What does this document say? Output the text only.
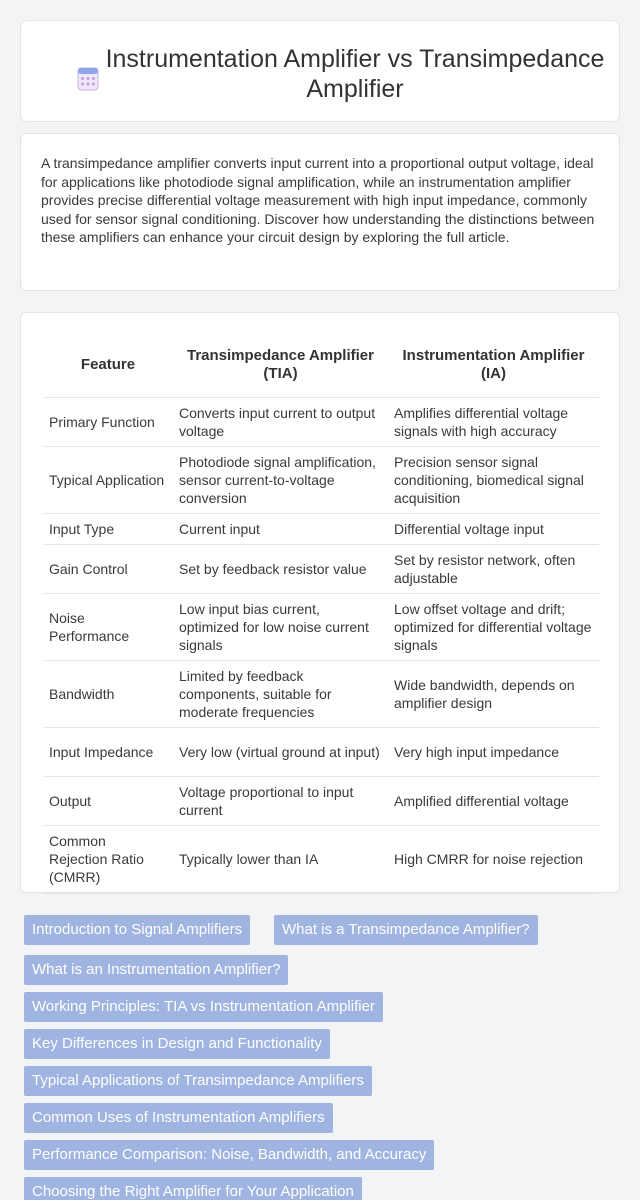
Instrumentation Amplifier vs Transimpedance Amplifier

A transimpedance amplifier converts input current into a proportional output voltage, ideal for applications like photodiode signal amplification, while an instrumentation amplifier provides precise differential voltage measurement with high input impedance, commonly used for sensor signal conditioning. Discover how understanding the distinctions between these amplifiers can enhance your circuit design by exploring the full article.

Feature	Transimpedance Amplifier (TIA)	Instrumentation Amplifier (IA)
Primary Function	Converts input current to output voltage	Amplifies differential voltage signals with high accuracy
Typical Application	Photodiode signal amplification, sensor current-to-voltage conversion	Precision sensor signal conditioning, biomedical signal acquisition
Input Type	Current input	Differential voltage input
Gain Control	Set by feedback resistor value	Set by resistor network, often adjustable
Noise Performance	Low input bias current, optimized for low noise current signals	Low offset voltage and drift; optimized for differential voltage signals
Bandwidth	Limited by feedback components, suitable for moderate frequencies	Wide bandwidth, depends on amplifier design
Input Impedance	Very low (virtual ground at input)	Very high input impedance
Output	Voltage proportional to input current	Amplified differential voltage
Common Rejection Ratio (CMRR)	Typically lower than IA	High CMRR for noise rejection
Introduction to Signal Amplifiers	What is a Transimpedance Amplifier?
What is an Instrumentation Amplifier?
Working Principles: TIA vs Instrumentation Amplifier
Key Differences in Design and Functionality
Typical Applications of Transimpedance Amplifiers
Common Uses of Instrumentation Amplifiers
Performance Comparison: Noise, Bandwidth, and Accuracy
Choosing the Right Amplifier for Your Application
